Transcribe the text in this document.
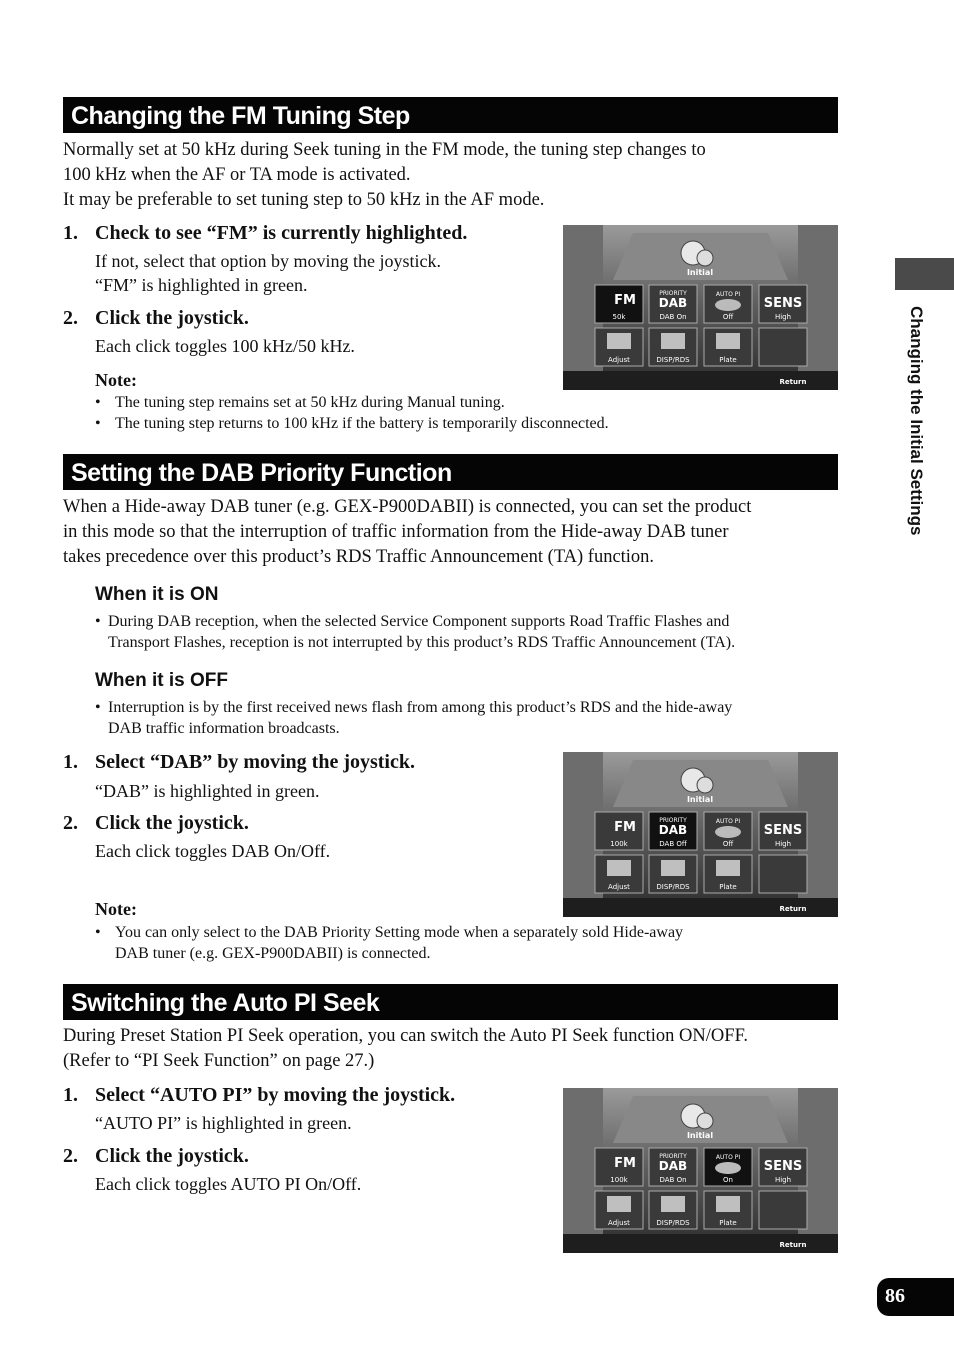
Changing the Initial Settings
Changing the FM Tuning Step
Normally set at 50 kHz during Seek tuning in the FM mode, the tuning step changes to
100 kHz when the AF or TA mode is activated.
It may be preferable to set tuning step to 50 kHz in the AF mode.
1. Check to see “FM” is currently highlighted.
If not, select that option by moving the joystick.
“FM” is highlighted in green.
2. Click the joystick.
Each click toggles 100 kHz/50 kHz.
Note:
• The tuning step remains set at 50 kHz during Manual tuning.
• The tuning step returns to 100 kHz if the battery is temporarily disconnected.
Setting the DAB Priority Function
When a Hide-away DAB tuner (e.g. GEX-P900DABII) is connected, you can set the product
in this mode so that the interruption of traffic information from the Hide-away DAB tuner
takes precedence over this product’s RDS Traffic Announcement (TA) function.
When it is ON
• During DAB reception, when the selected Service Component supports Road Traffic Flashes and
Transport Flashes, reception is not interrupted by this product’s RDS Traffic Announcement (TA).
When it is OFF
• Interruption is by the first received news flash from among this product’s RDS and the hide-away
DAB traffic information broadcasts.
1. Select “DAB” by moving the joystick.
“DAB” is highlighted in green.
2. Click the joystick.
Each click toggles DAB On/Off.
Note:
• You can only select to the DAB Priority Setting mode when a separately sold Hide-away
DAB tuner (e.g. GEX-P900DABII) is connected.
Switching the Auto PI Seek
During Preset Station PI Seek operation, you can switch the Auto PI Seek function ON/OFF.
(Refer to “PI Seek Function” on page 27.)
1. Select “AUTO PI” by moving the joystick.
“AUTO PI” is highlighted in green.
2. Click the joystick.
Each click toggles AUTO PI On/Off.
86
Initial
FM
50k
PRIORITY
DAB
DAB On
AUTO PI
Off
SENS
High
Adjust	DISP/RDS	Plate
Return
Initial
FM
100k
PRIORITY
DAB
DAB Off
AUTO PI
Off
SENS
High
Adjust	DISP/RDS	Plate
Return
Initial
FM
100k
PRIORITY
DAB
DAB On
AUTO PI
On
SENS
High
Adjust	DISP/RDS	Plate
Return
